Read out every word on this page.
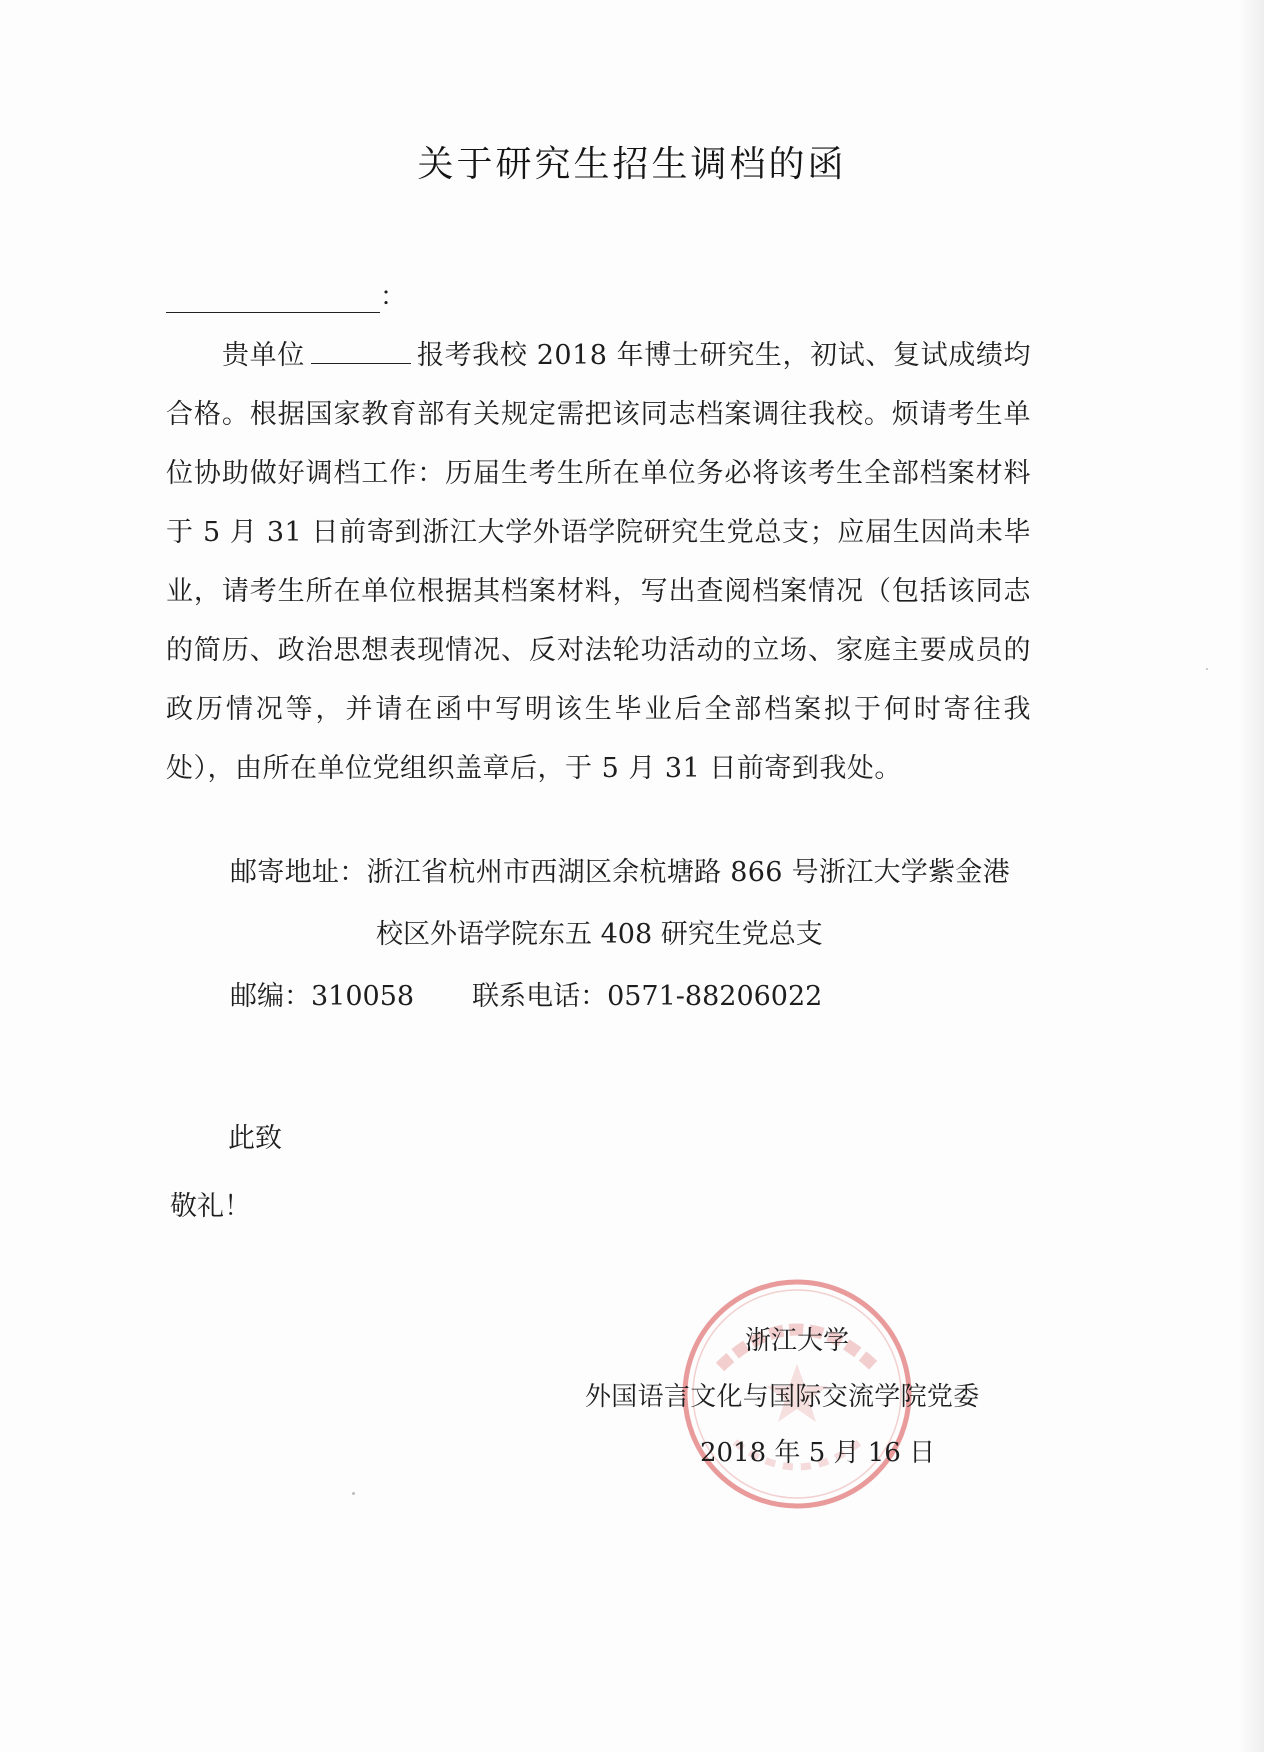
关于研究生招生调档的函
：
贵单位	报考我校 2018 年博士研究生，初试、复试成绩均合格。根据国家教育部有关规定需把该同志档案调往我校。烦请考生单位协助做好调档工作：历届生考生所在单位务必将该考生全部档案材料于 5 月 31 日前寄到浙江大学外语学院研究生党总支；应届生因尚未毕业，请考生所在单位根据其档案材料，写出查阅档案情况（包括该同志的简历、政治思想表现情况、反对法轮功活动的立场、家庭主要成员的政历情况等，并请在函中写明该生毕业后全部档案拟于何时寄往我处），由所在单位党组织盖章后，于 5 月 31 日前寄到我处。
邮寄地址：浙江省杭州市西湖区余杭塘路 866 号浙江大学紫金港
校区外语学院东五 408 研究生党总支
邮编：310058 联系电话：0571-88206022
此致
敬礼！
浙江大学
外国语言文化与国际交流学院党委
2018 年 5 月 16 日
